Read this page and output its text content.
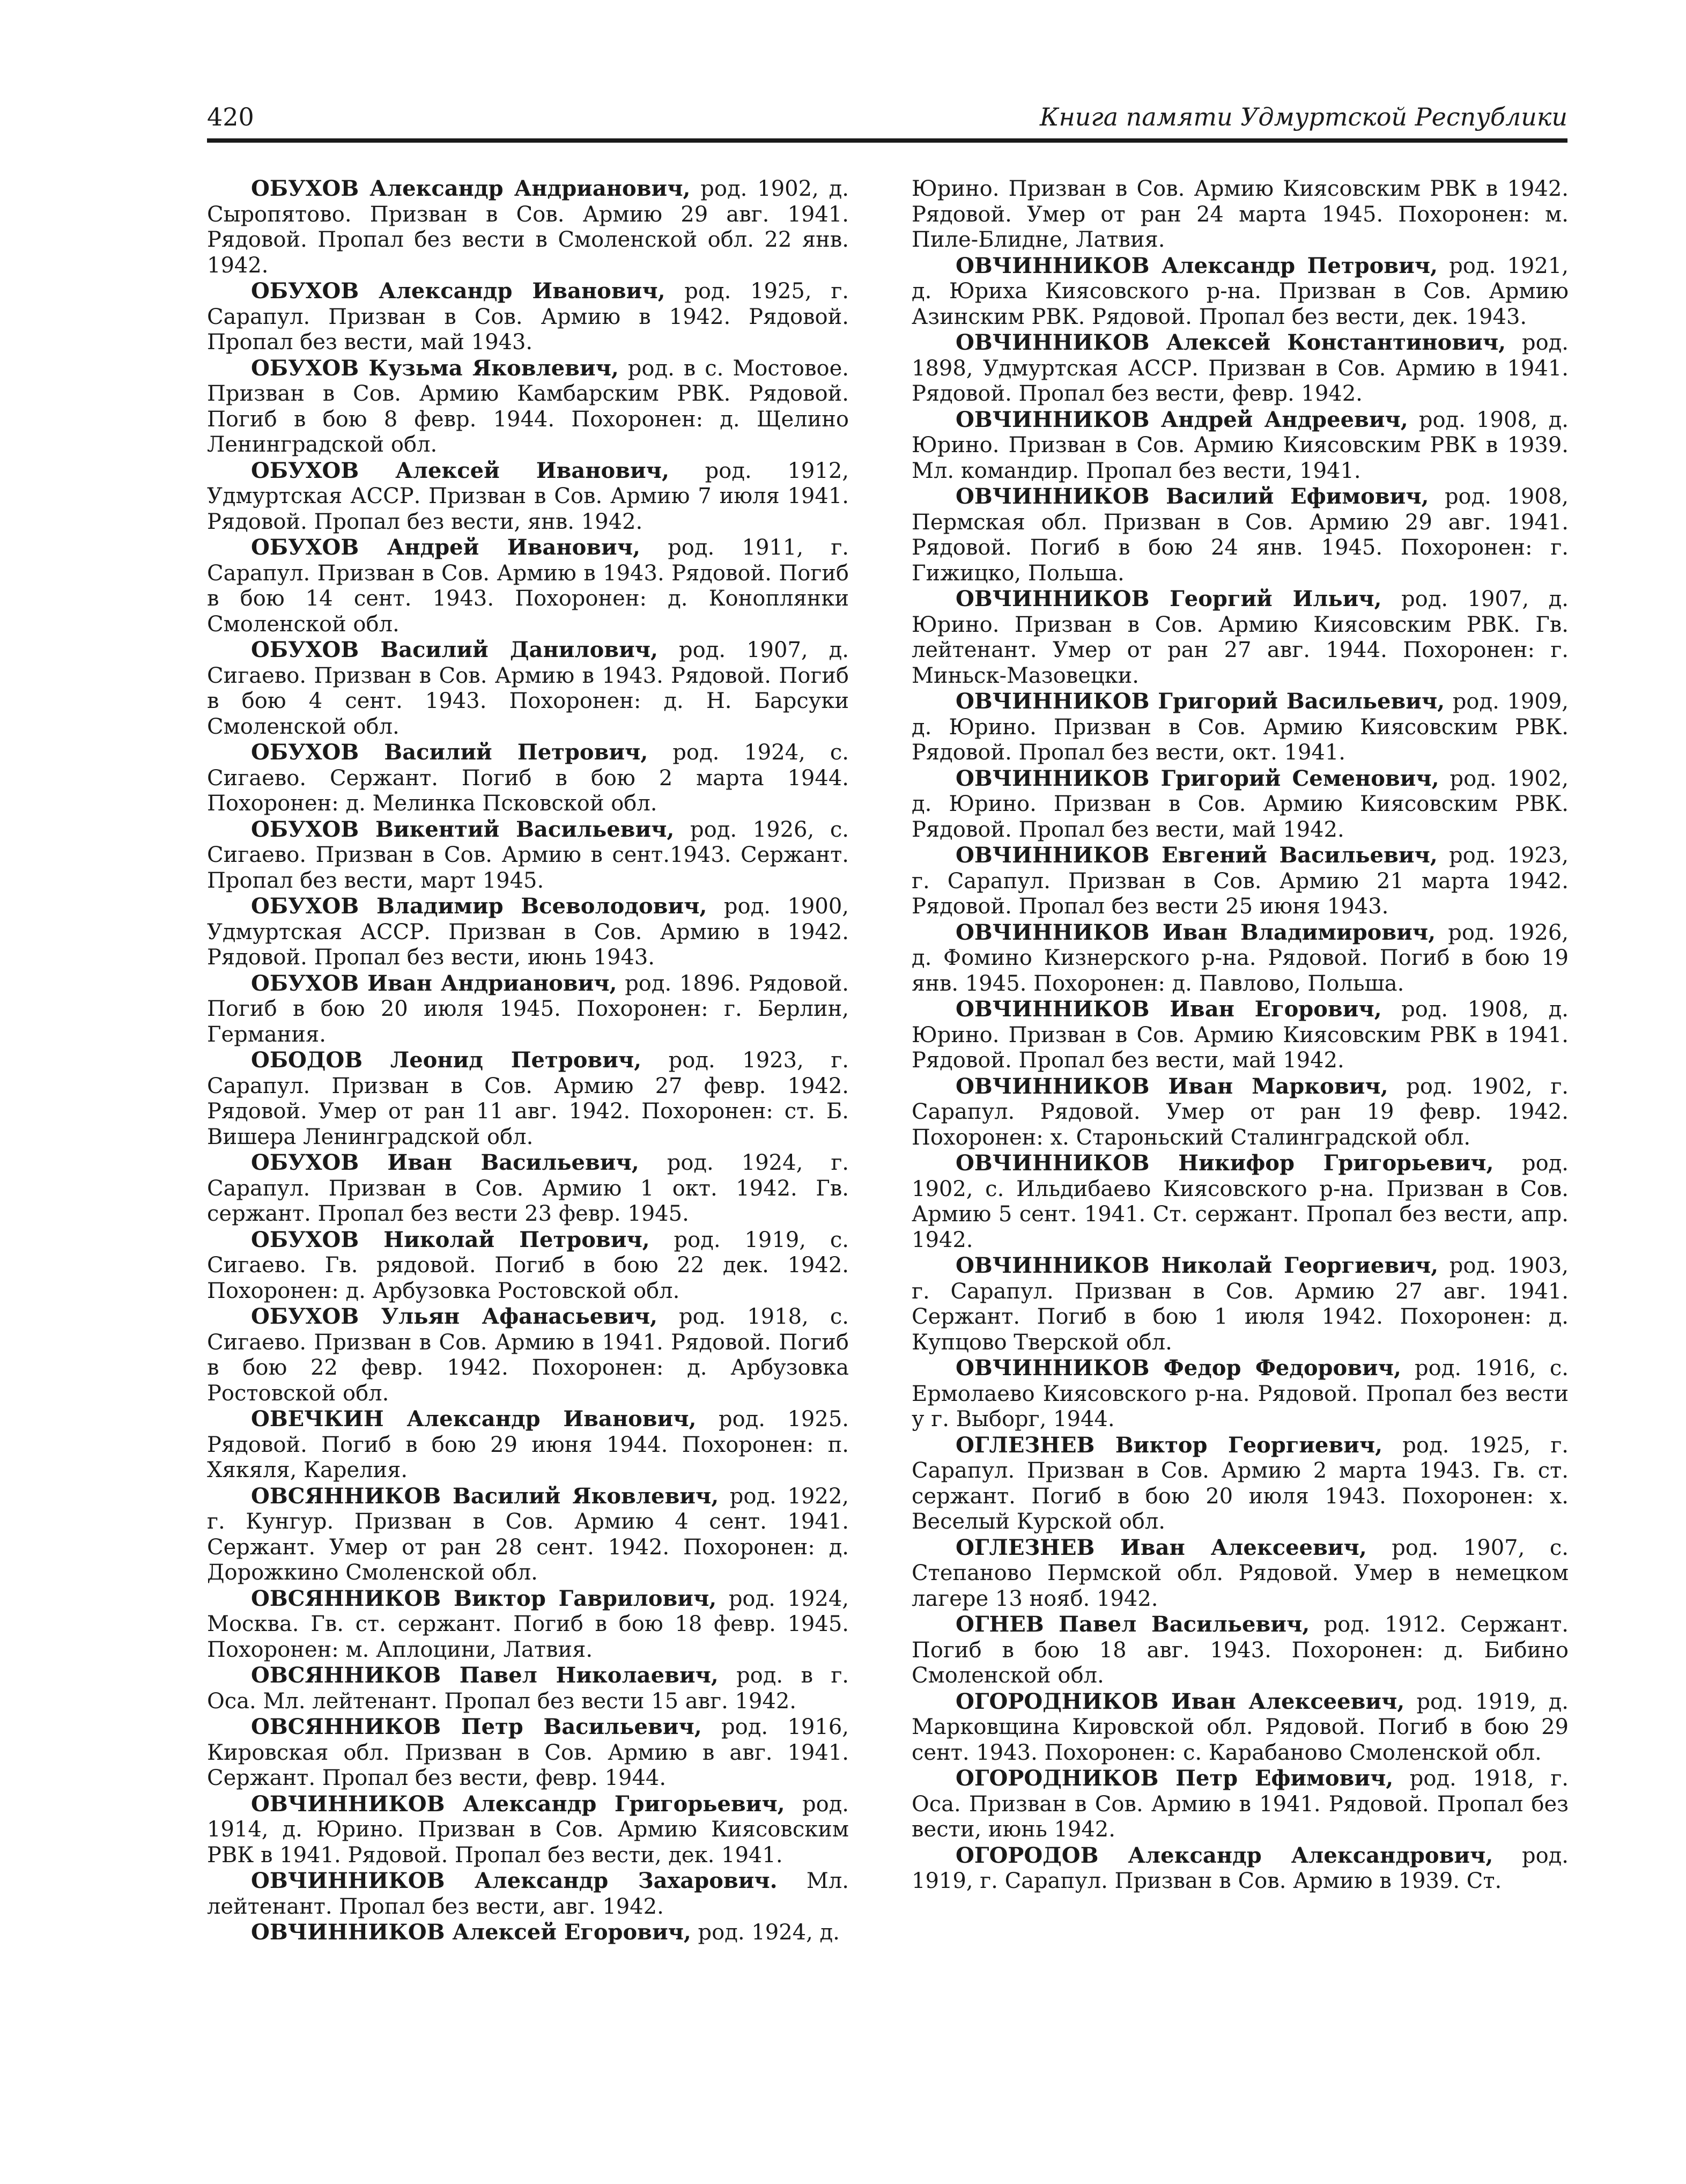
420	Книга памяти Удмуртской Республики

ОБУХОВ Александр Андрианович, род. 1902, д. Сыропятово. Призван в Сов. Армию 29 авг. 1941. Рядовой. Пропал без вести в Смоленской обл. 22 янв. 1942.

ОБУХОВ Александр Иванович, род. 1925, г. Сарапул. Призван в Сов. Армию в 1942. Рядовой. Пропал без вести, май 1943.

ОБУХОВ Кузьма Яковлевич, род. в с. Мостовое. Призван в Сов. Армию Камбарским РВК. Рядовой. Погиб в бою 8 февр. 1944. Похоронен: д. Щелино Ленинградской обл.

ОБУХОВ Алексей Иванович, род. 1912, Удмуртская АССР. Призван в Сов. Армию 7 июля 1941. Рядовой. Пропал без вести, янв. 1942.

ОБУХОВ Андрей Иванович, род. 1911, г. Сарапул. Призван в Сов. Армию в 1943. Рядовой. Погиб в бою 14 сент. 1943. Похоронен: д. Коноплянки Смоленской обл.

ОБУХОВ Василий Данилович, род. 1907, д. Сигаево. Призван в Сов. Армию в 1943. Рядовой. Погиб в бою 4 сент. 1943. Похоронен: д. Н. Барсуки Смоленской обл.

ОБУХОВ Василий Петрович, род. 1924, с. Сигаево. Сержант. Погиб в бою 2 марта 1944. Похоронен: д. Мелинка Псковской обл.

ОБУХОВ Викентий Васильевич, род. 1926, с. Сигаево. Призван в Сов. Армию в сент.1943. Сержант. Пропал без вести, март 1945.

ОБУХОВ Владимир Всеволодович, род. 1900, Удмуртская АССР. Призван в Сов. Армию в 1942. Рядовой. Пропал без вести, июнь 1943.

ОБУХОВ Иван Андрианович, род. 1896. Рядовой. Погиб в бою 20 июля 1945. Похоронен: г. Берлин, Германия.

ОБОДОВ Леонид Петрович, род. 1923, г. Сарапул. Призван в Сов. Армию 27 февр. 1942. Рядовой. Умер от ран 11 авг. 1942. Похоронен: ст. Б. Вишера Ленинградской обл.

ОБУХОВ Иван Васильевич, род. 1924, г. Сарапул. Призван в Сов. Армию 1 окт. 1942. Гв. сержант. Пропал без вести 23 февр. 1945.

ОБУХОВ Николай Петрович, род. 1919, с. Сигаево. Гв. рядовой. Погиб в бою 22 дек. 1942. Похоронен: д. Арбузовка Ростовской обл.

ОБУХОВ Ульян Афанасьевич, род. 1918, с. Сигаево. Призван в Сов. Армию в 1941. Рядовой. Погиб в бою 22 февр. 1942. Похоронен: д. Арбузовка Ростовской обл.

ОВЕЧКИН Александр Иванович, род. 1925. Рядовой. Погиб в бою 29 июня 1944. Похоронен: п. Хякяля, Карелия.

ОВСЯННИКОВ Василий Яковлевич, род. 1922, г. Кунгур. Призван в Сов. Армию 4 сент. 1941. Сержант. Умер от ран 28 сент. 1942. Похоронен: д. Дорожкино Смоленской обл.

ОВСЯННИКОВ Виктор Гаврилович, род. 1924, Москва. Гв. ст. сержант. Погиб в бою 18 февр. 1945. Похоронен: м. Аплоцини, Латвия.

ОВСЯННИКОВ Павел Николаевич, род. в г. Оса. Мл. лейтенант. Пропал без вести 15 авг. 1942.

ОВСЯННИКОВ Петр Васильевич, род. 1916, Кировская обл. Призван в Сов. Армию в авг. 1941. Сержант. Пропал без вести, февр. 1944.

ОВЧИННИКОВ Александр Григорьевич, род. 1914, д. Юрино. Призван в Сов. Армию Киясовским РВК в 1941. Рядовой. Пропал без вести, дек. 1941.

ОВЧИННИКОВ Александр Захарович. Мл. лейтенант. Пропал без вести, авг. 1942.

ОВЧИННИКОВ Алексей Егорович, род. 1924, д.

Юрино. Призван в Сов. Армию Киясовским РВК в 1942. Рядовой. Умер от ран 24 марта 1945. Похоронен: м. Пиле-Блидне, Латвия.

ОВЧИННИКОВ Александр Петрович, род. 1921, д. Юриха Киясовского р-на. Призван в Сов. Армию Азинским РВК. Рядовой. Пропал без вести, дек. 1943.

ОВЧИННИКОВ Алексей Константинович, род. 1898, Удмуртская АССР. Призван в Сов. Армию в 1941. Рядовой. Пропал без вести, февр. 1942.

ОВЧИННИКОВ Андрей Андреевич, род. 1908, д. Юрино. Призван в Сов. Армию Киясовским РВК в 1939. Мл. командир. Пропал без вести, 1941.

ОВЧИННИКОВ Василий Ефимович, род. 1908, Пермская обл. Призван в Сов. Армию 29 авг. 1941. Рядовой. Погиб в бою 24 янв. 1945. Похоронен: г. Гижицко, Польша.

ОВЧИННИКОВ Георгий Ильич, род. 1907, д. Юрино. Призван в Сов. Армию Киясовским РВК. Гв. лейтенант. Умер от ран 27 авг. 1944. Похоронен: г. Миньск-Мазовецки.

ОВЧИННИКОВ Григорий Васильевич, род. 1909, д. Юрино. Призван в Сов. Армию Киясовским РВК. Рядовой. Пропал без вести, окт. 1941.

ОВЧИННИКОВ Григорий Семенович, род. 1902, д. Юрино. Призван в Сов. Армию Киясовским РВК. Рядовой. Пропал без вести, май 1942.

ОВЧИННИКОВ Евгений Васильевич, род. 1923, г. Сарапул. Призван в Сов. Армию 21 марта 1942. Рядовой. Пропал без вести 25 июня 1943.

ОВЧИННИКОВ Иван Владимирович, род. 1926, д. Фомино Кизнерского р-на. Рядовой. Погиб в бою 19 янв. 1945. Похоронен: д. Павлово, Польша.

ОВЧИННИКОВ Иван Егорович, род. 1908, д. Юрино. Призван в Сов. Армию Киясовским РВК в 1941. Рядовой. Пропал без вести, май 1942.

ОВЧИННИКОВ Иван Маркович, род. 1902, г. Сарапул. Рядовой. Умер от ран 19 февр. 1942. Похоронен: х. Староньский Сталинградской обл.

ОВЧИННИКОВ Никифор Григорьевич, род. 1902, с. Ильдибаево Киясовского р-на. Призван в Сов. Армию 5 сент. 1941. Ст. сержант. Пропал без вести, апр. 1942.

ОВЧИННИКОВ Николай Георгиевич, род. 1903, г. Сарапул. Призван в Сов. Армию 27 авг. 1941. Сержант. Погиб в бою 1 июля 1942. Похоронен: д. Купцово Тверской обл.

ОВЧИННИКОВ Федор Федорович, род. 1916, с. Ермолаево Киясовского р-на. Рядовой. Пропал без вести у г. Выборг, 1944.

ОГЛЕЗНЕВ Виктор Георгиевич, род. 1925, г. Сарапул. Призван в Сов. Армию 2 марта 1943. Гв. ст. сержант. Погиб в бою 20 июля 1943. Похоронен: х. Веселый Курской обл.

ОГЛЕЗНЕВ Иван Алексеевич, род. 1907, с. Степаново Пермской обл. Рядовой. Умер в немецком лагере 13 нояб. 1942.

ОГНЕВ Павел Васильевич, род. 1912. Сержант. Погиб в бою 18 авг. 1943. Похоронен: д. Бибино Смоленской обл.

ОГОРОДНИКОВ Иван Алексеевич, род. 1919, д. Марковщина Кировской обл. Рядовой. Погиб в бою 29 сент. 1943. Похоронен: с. Карабаново Смоленской обл.

ОГОРОДНИКОВ Петр Ефимович, род. 1918, г. Оса. Призван в Сов. Армию в 1941. Рядовой. Пропал без вести, июнь 1942.

ОГОРОДОВ Александр Александрович, род. 1919, г. Сарапул. Призван в Сов. Армию в 1939. Ст.
